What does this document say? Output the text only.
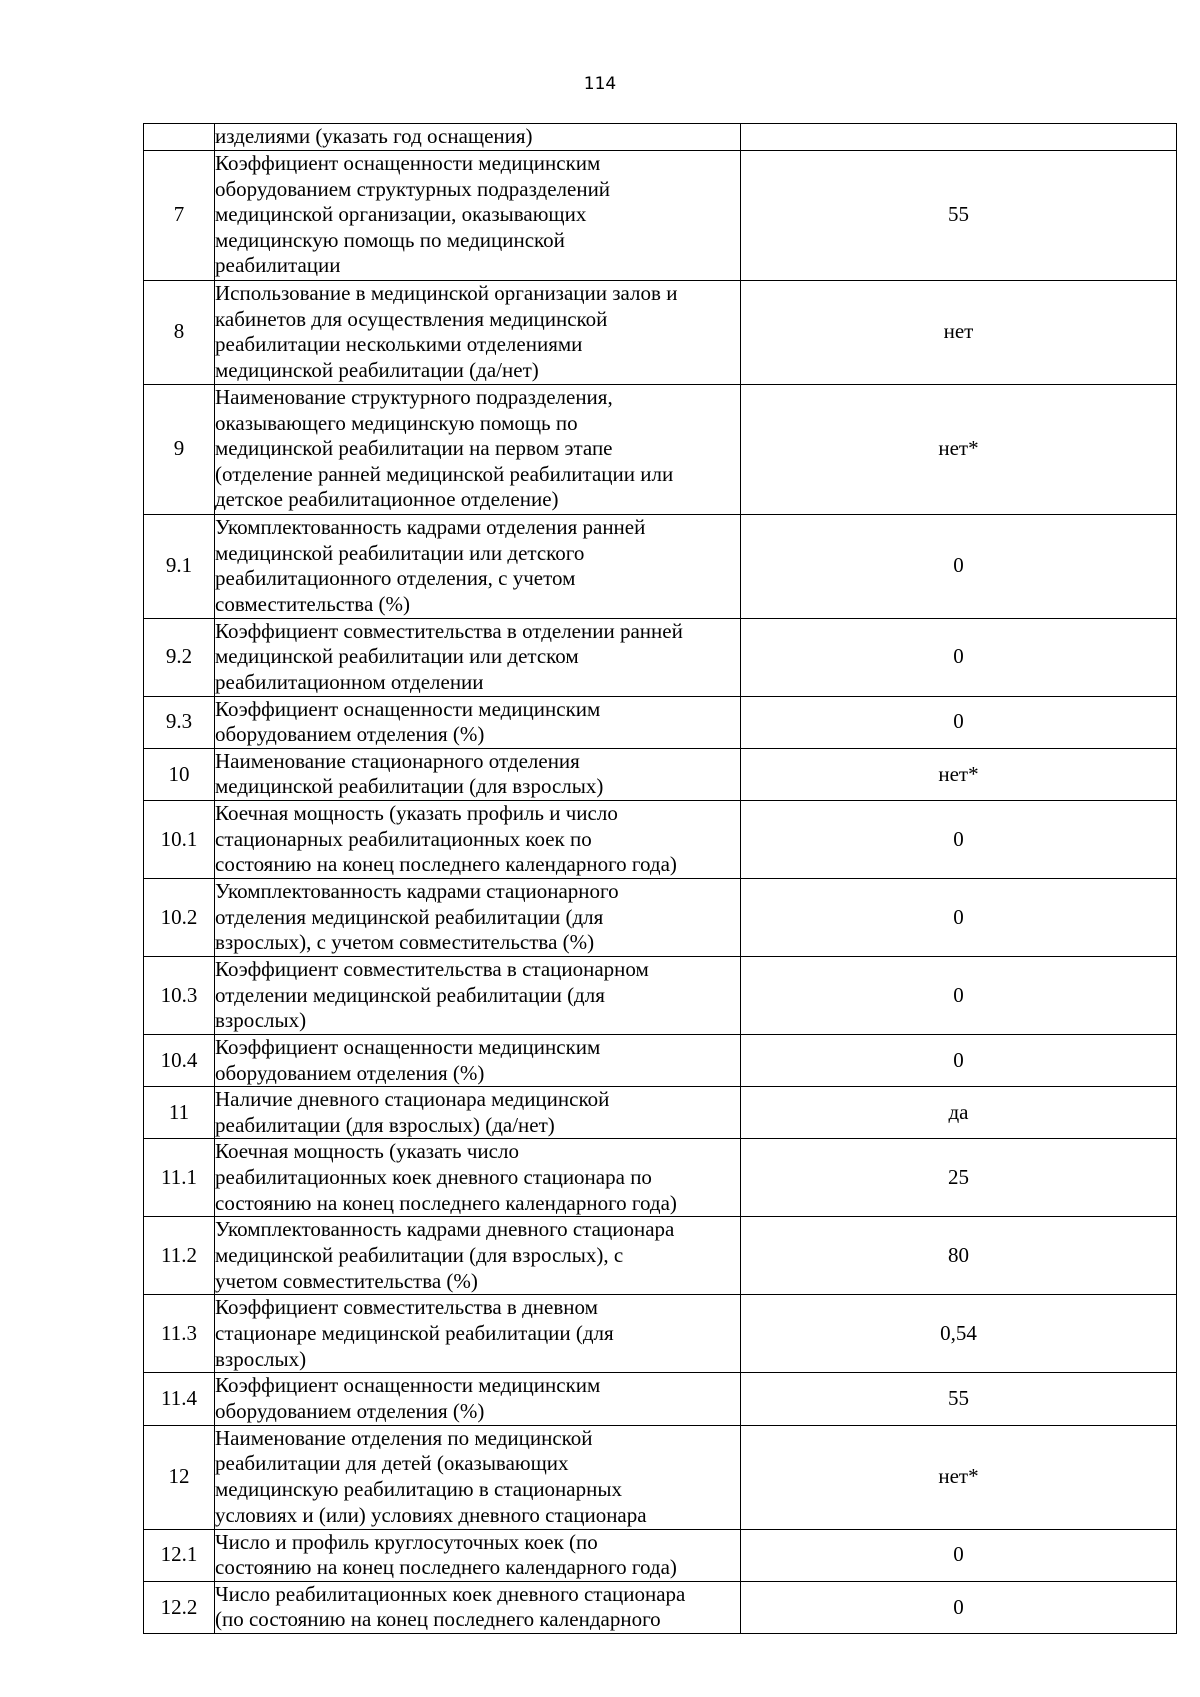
114

	изделиями (указать год оснащения)	

7	Коэффициент оснащенности медицинским
оборудованием структурных подразделений
медицинской организации, оказывающих
медицинскую помощь по медицинской
реабилитации	55
8	Использование в медицинской организации залов и
кабинетов для осуществления медицинской
реабилитации несколькими отделениями
медицинской реабилитации (да/нет)	нет
9	Наименование структурного подразделения,
оказывающего медицинскую помощь по
медицинской реабилитации на первом этапе
(отделение ранней медицинской реабилитации или
детское реабилитационное отделение)	нет*
9.1	Укомплектованность кадрами отделения ранней
медицинской реабилитации или детского
реабилитационного отделения, с учетом
совместительства (%)	0
9.2	Коэффициент совместительства в отделении ранней
медицинской реабилитации или детском
реабилитационном отделении	0
9.3	Коэффициент оснащенности медицинским
оборудованием отделения (%)	0
10	Наименование стационарного отделения
медицинской реабилитации (для взрослых)	нет*
10.1	Коечная мощность (указать профиль и число
стационарных реабилитационных коек по
состоянию на конец последнего календарного года)	0
10.2	Укомплектованность кадрами стационарного
отделения медицинской реабилитации (для
взрослых), с учетом совместительства (%)	0
10.3	Коэффициент совместительства в стационарном
отделении медицинской реабилитации (для
взрослых)	0
10.4	Коэффициент оснащенности медицинским
оборудованием отделения (%)	0
11	Наличие дневного стационара медицинской
реабилитации (для взрослых) (да/нет)	да
11.1	Коечная мощность (указать число
реабилитационных коек дневного стационара по
состоянию на конец последнего календарного года)	25
11.2	Укомплектованность кадрами дневного стационара
медицинской реабилитации (для взрослых), с
учетом совместительства (%)	80
11.3	Коэффициент совместительства в дневном
стационаре медицинской реабилитации (для
взрослых)	0,54
11.4	Коэффициент оснащенности медицинским
оборудованием отделения (%)	55
12	Наименование отделения по медицинской
реабилитации для детей (оказывающих
медицинскую реабилитацию в стационарных
условиях и (или) условиях дневного стационара	нет*
12.1	Число и профиль круглосуточных коек (по
состоянию на конец последнего календарного года)	0
12.2	Число реабилитационных коек дневного стационара
(по состоянию на конец последнего календарного	0
